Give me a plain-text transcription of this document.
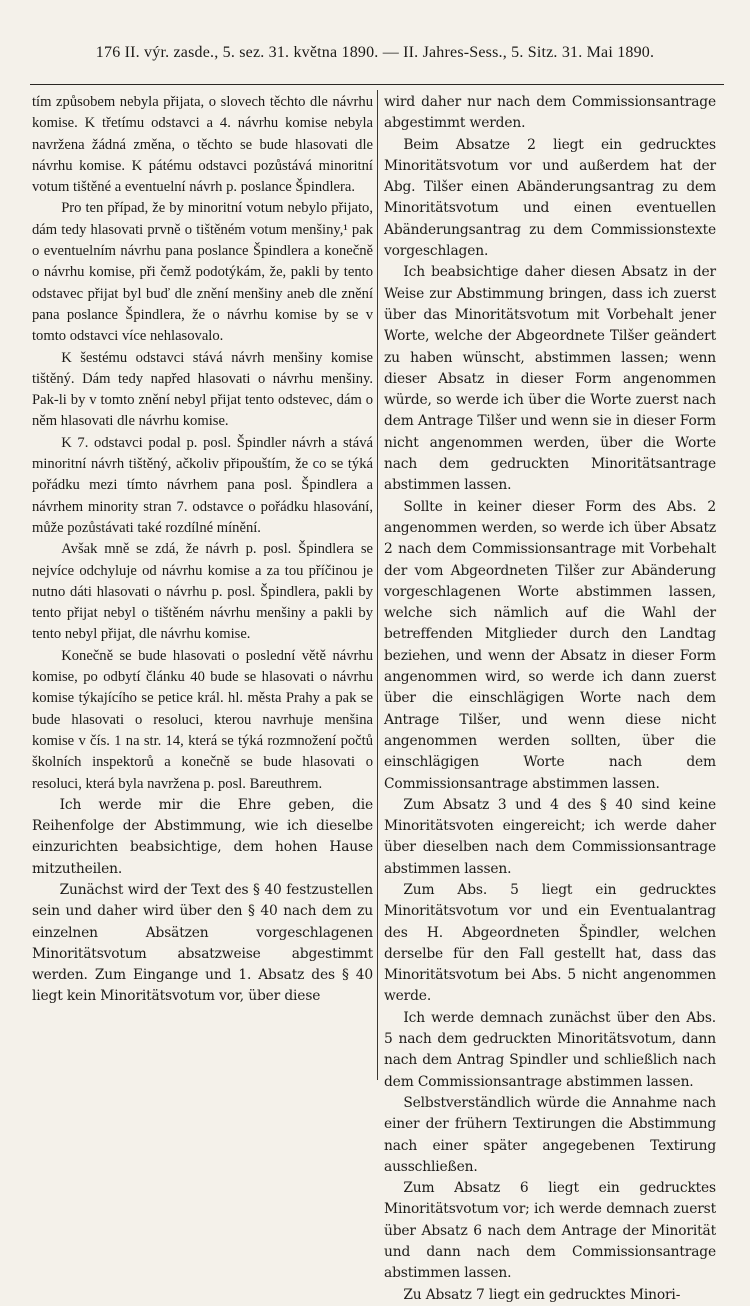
176 II. výr. zasde., 5. sez. 31. května 1890. — II. Jahres-Sess., 5. Sitz. 31. Mai 1890.

tím způsobem nebyla přijata, o slovech těchto dle návrhu komise. K třetímu odstavci a 4. návrhu komise nebyla navržena žádná změna, o těchto se bude hlasovati dle návrhu komise. K pátému odstavci pozůstává minoritní votum tištěné a eventuelní návrh p. poslance Špindlera.

Pro ten případ, že by minoritní votum nebylo přijato, dám tedy hlasovati prvně o tištěném votum menšiny,¹ pak o eventuelním návrhu pana poslance Špindlera a konečně o návrhu komise, při čemž podotýkám, že, pakli by tento odstavec přijat byl buď dle znění menšiny aneb dle znění pana poslance Špindlera, že o návrhu komise by se v tomto odstavci více nehlasovalo.

K šestému odstavci stává návrh menšiny komise tištěný. Dám tedy napřed hlasovati o návrhu menšiny. Pak-li by v tomto znění nebyl přijat tento odstevec, dám o něm hlasovati dle návrhu komise.

K 7. odstavci podal p. posl. Špindler návrh a stává minoritní návrh tištěný, ačkoliv připouštím, že co se týká pořádku mezi tímto návrhem pana posl. Špindlera a návrhem minority stran 7. odstavce o pořádku hlasování, může pozůstávati také rozdílné mínění.

Avšak mně se zdá, že návrh p. posl. Špindlera se nejvíce odchyluje od návrhu komise a za tou příčinou je nutno dáti hlasovati o návrhu p. posl. Špindlera, pakli by tento přijat nebyl o tištěném návrhu menšiny a pakli by tento nebyl přijat, dle návrhu komise.

Konečně se bude hlasovati o poslední větě návrhu komise, po odbytí článku 40 bude se hlasovati o návrhu komise týkajícího se petice král. hl. města Prahy a pak se bude hlasovati o resoluci, kterou navrhuje menšina komise v čís. 1 na str. 14, která se týká rozmnožení počtů školních inspektorů a konečně se bude hlasovati o resoluci, která byla navržena p. posl. Bareuthrem.

Ich werde mir die Ehre geben, die Reihenfolge der Abstimmung, wie ich dieselbe einzurichten beabsichtige, dem hohen Hause mitzutheilen.

Zunächst wird der Text des § 40 festzustellen sein und daher wird über den § 40 nach dem zu einzelnen Absätzen vorgeschlagenen Minoritätsvotum absatzweise abgestimmt werden. Zum Eingange und 1. Absatz des § 40 liegt kein Minoritätsvotum vor, über diese

wird daher nur nach dem Commissionsantrage abgestimmt werden.

Beim Absatze 2 liegt ein gedrucktes Minoritätsvotum vor und außerdem hat der Abg. Tilšer einen Abänderungsantrag zu dem Minoritätsvotum und einen eventuellen Abänderungsantrag zu dem Commissionstexte vorgeschlagen.

Ich beabsichtige daher diesen Absatz in der Weise zur Abstimmung bringen, dass ich zuerst über das Minoritätsvotum mit Vorbehalt jener Worte, welche der Abgeordnete Tilšer geändert zu haben wünscht, abstimmen lassen; wenn dieser Absatz in dieser Form angenommen würde, so werde ich über die Worte zuerst nach dem Antrage Tilšer und wenn sie in dieser Form nicht angenommen werden, über die Worte nach dem gedruckten Minoritätsantrage abstimmen lassen.

Sollte in keiner dieser Form des Abs. 2 angenommen werden, so werde ich über Absatz 2 nach dem Commissionsantrage mit Vorbehalt der vom Abgeordneten Tilšer zur Abänderung vorgeschlagenen Worte abstimmen lassen, welche sich nämlich auf die Wahl der betreffenden Mitglieder durch den Landtag beziehen, und wenn der Absatz in dieser Form angenommen wird, so werde ich dann zuerst über die einschlägigen Worte nach dem Antrage Tilšer, und wenn diese nicht angenommen werden sollten, über die einschlägigen Worte nach dem Commissionsantrage abstimmen lassen.

Zum Absatz 3 und 4 des § 40 sind keine Minoritätsvoten eingereicht; ich werde daher über dieselben nach dem Commissionsantrage abstimmen lassen.

Zum Abs. 5 liegt ein gedrucktes Minoritätsvotum vor und ein Eventualantrag des H. Abgeordneten Špindler, welchen derselbe für den Fall gestellt hat, dass das Minoritätsvotum bei Abs. 5 nicht angenommen werde.

Ich werde demnach zunächst über den Abs. 5 nach dem gedruckten Minoritätsvotum, dann nach dem Antrag Spindler und schließlich nach dem Commissionsantrage abstimmen lassen.

Selbstverständlich würde die Annahme nach einer der frühern Textirungen die Abstimmung nach einer später angegebenen Textirung ausschließen.

Zum Absatz 6 liegt ein gedrucktes Minoritätsvotum vor; ich werde demnach zuerst über Absatz 6 nach dem Antrage der Minorität und dann nach dem Commissionsantrage abstimmen lassen.

Zu Absatz 7 liegt ein gedrucktes Minori-
